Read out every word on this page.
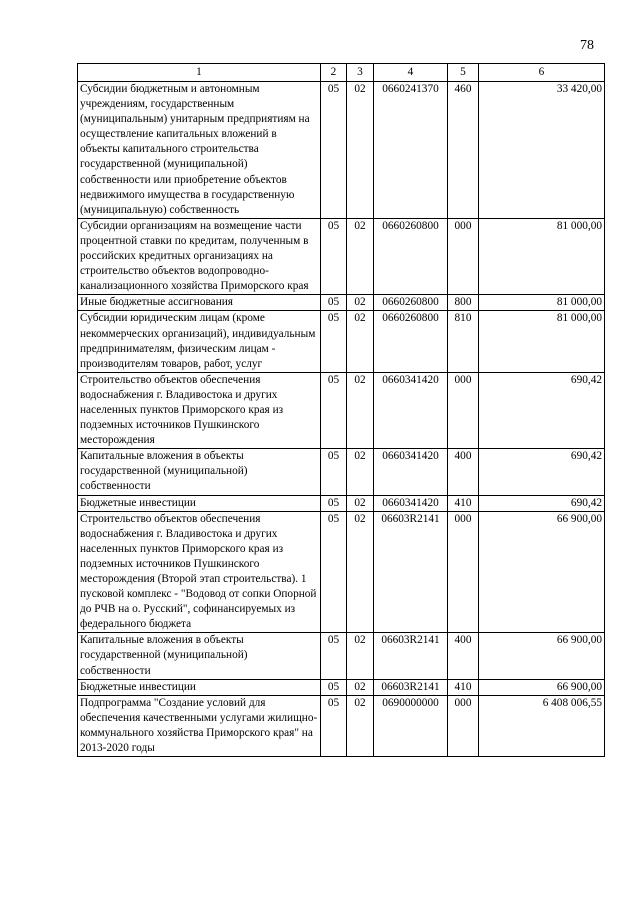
78
1	2	3	4	5	6
Субсидии бюджетным и автономным учреждениям, государственным (муниципальным) унитарным предприятиям на осуществление капитальных вложений в объекты капитального строительства государственной (муниципальной) собственности или приобретение объектов недвижимого имущества в государственную (муниципальную) собственность	05	02	0660241370	460	33 420,00
Субсидии организациям на возмещение части процентной ставки по кредитам, полученным в российских кредитных организациях на строительство объектов водопроводно-канализационного хозяйства Приморского края	05	02	0660260800	000	81 000,00
Иные бюджетные ассигнования	05	02	0660260800	800	81 000,00
Субсидии юридическим лицам (кроме некоммерческих организаций), индивидуальным предпринимателям, физическим лицам - производителям товаров, работ, услуг	05	02	0660260800	810	81 000,00
Строительство объектов обеспечения водоснабжения г. Владивостока и других населенных пунктов Приморского края из подземных источников Пушкинского месторождения	05	02	0660341420	000	690,42
Капитальные вложения в объекты государственной (муниципальной) собственности	05	02	0660341420	400	690,42
Бюджетные инвестиции	05	02	0660341420	410	690,42
Строительство объектов обеспечения водоснабжения г. Владивостока и других населенных пунктов Приморского края из подземных источников Пушкинского месторождения (Второй этап строительства). 1 пусковой комплекс - "Водовод от сопки Опорной до РЧВ на о. Русский", софинансируемых из федерального бюджета	05	02	06603R2141	000	66 900,00
Капитальные вложения в объекты государственной (муниципальной) собственности	05	02	06603R2141	400	66 900,00
Бюджетные инвестиции	05	02	06603R2141	410	66 900,00
Подпрограмма "Создание условий для обеспечения качественными услугами жилищно-коммунального хозяйства Приморского края" на 2013-2020 годы	05	02	0690000000	000	6 408 006,55
